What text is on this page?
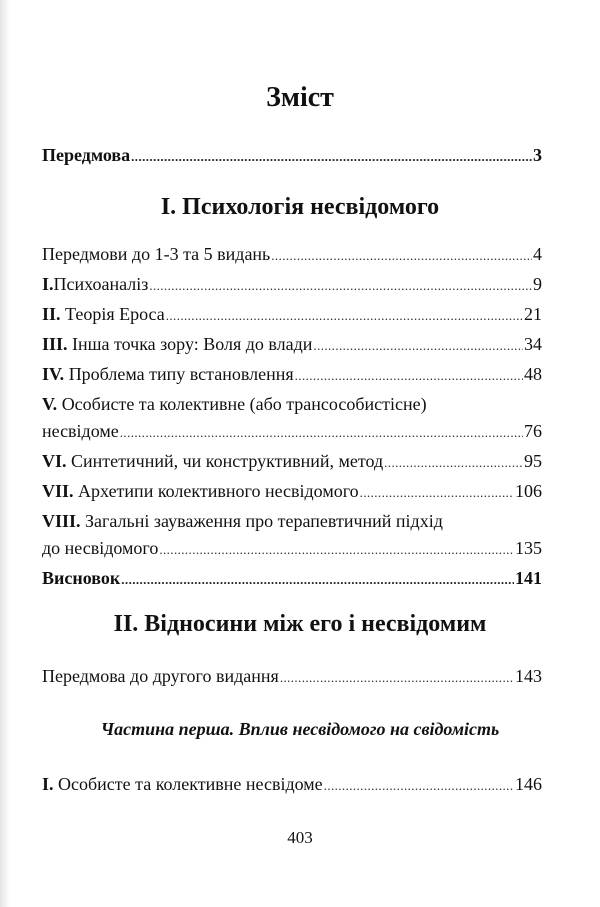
Зміст
Передмова .....	3
І. Психологія несвідомого
Передмови до 1-3 та 5 видань .....	4
І.Психоаналіз .....	9
ІІ. Теорія Ероса .....	21
ІІІ. Інша точка зору: Воля до влади .....	34
IV. Проблема типу встановлення .....	48
V. Особисте та колективне (або трансособистісне)
несвідоме .....	76
VI. Синтетичний, чи конструктивний, метод .....	95
VII. Архетипи колективного несвідомого .....	106
VIII. Загальні зауваження про терапевтичний підхід
до несвідомого .....	135
Висновок .....	141
ІІ. Відносини між его і несвідомим
Передмова до другого видання .....	143
Частина перша. Вплив несвідомого на свідомість
І. Особисте та колективне несвідоме .....	146
403
